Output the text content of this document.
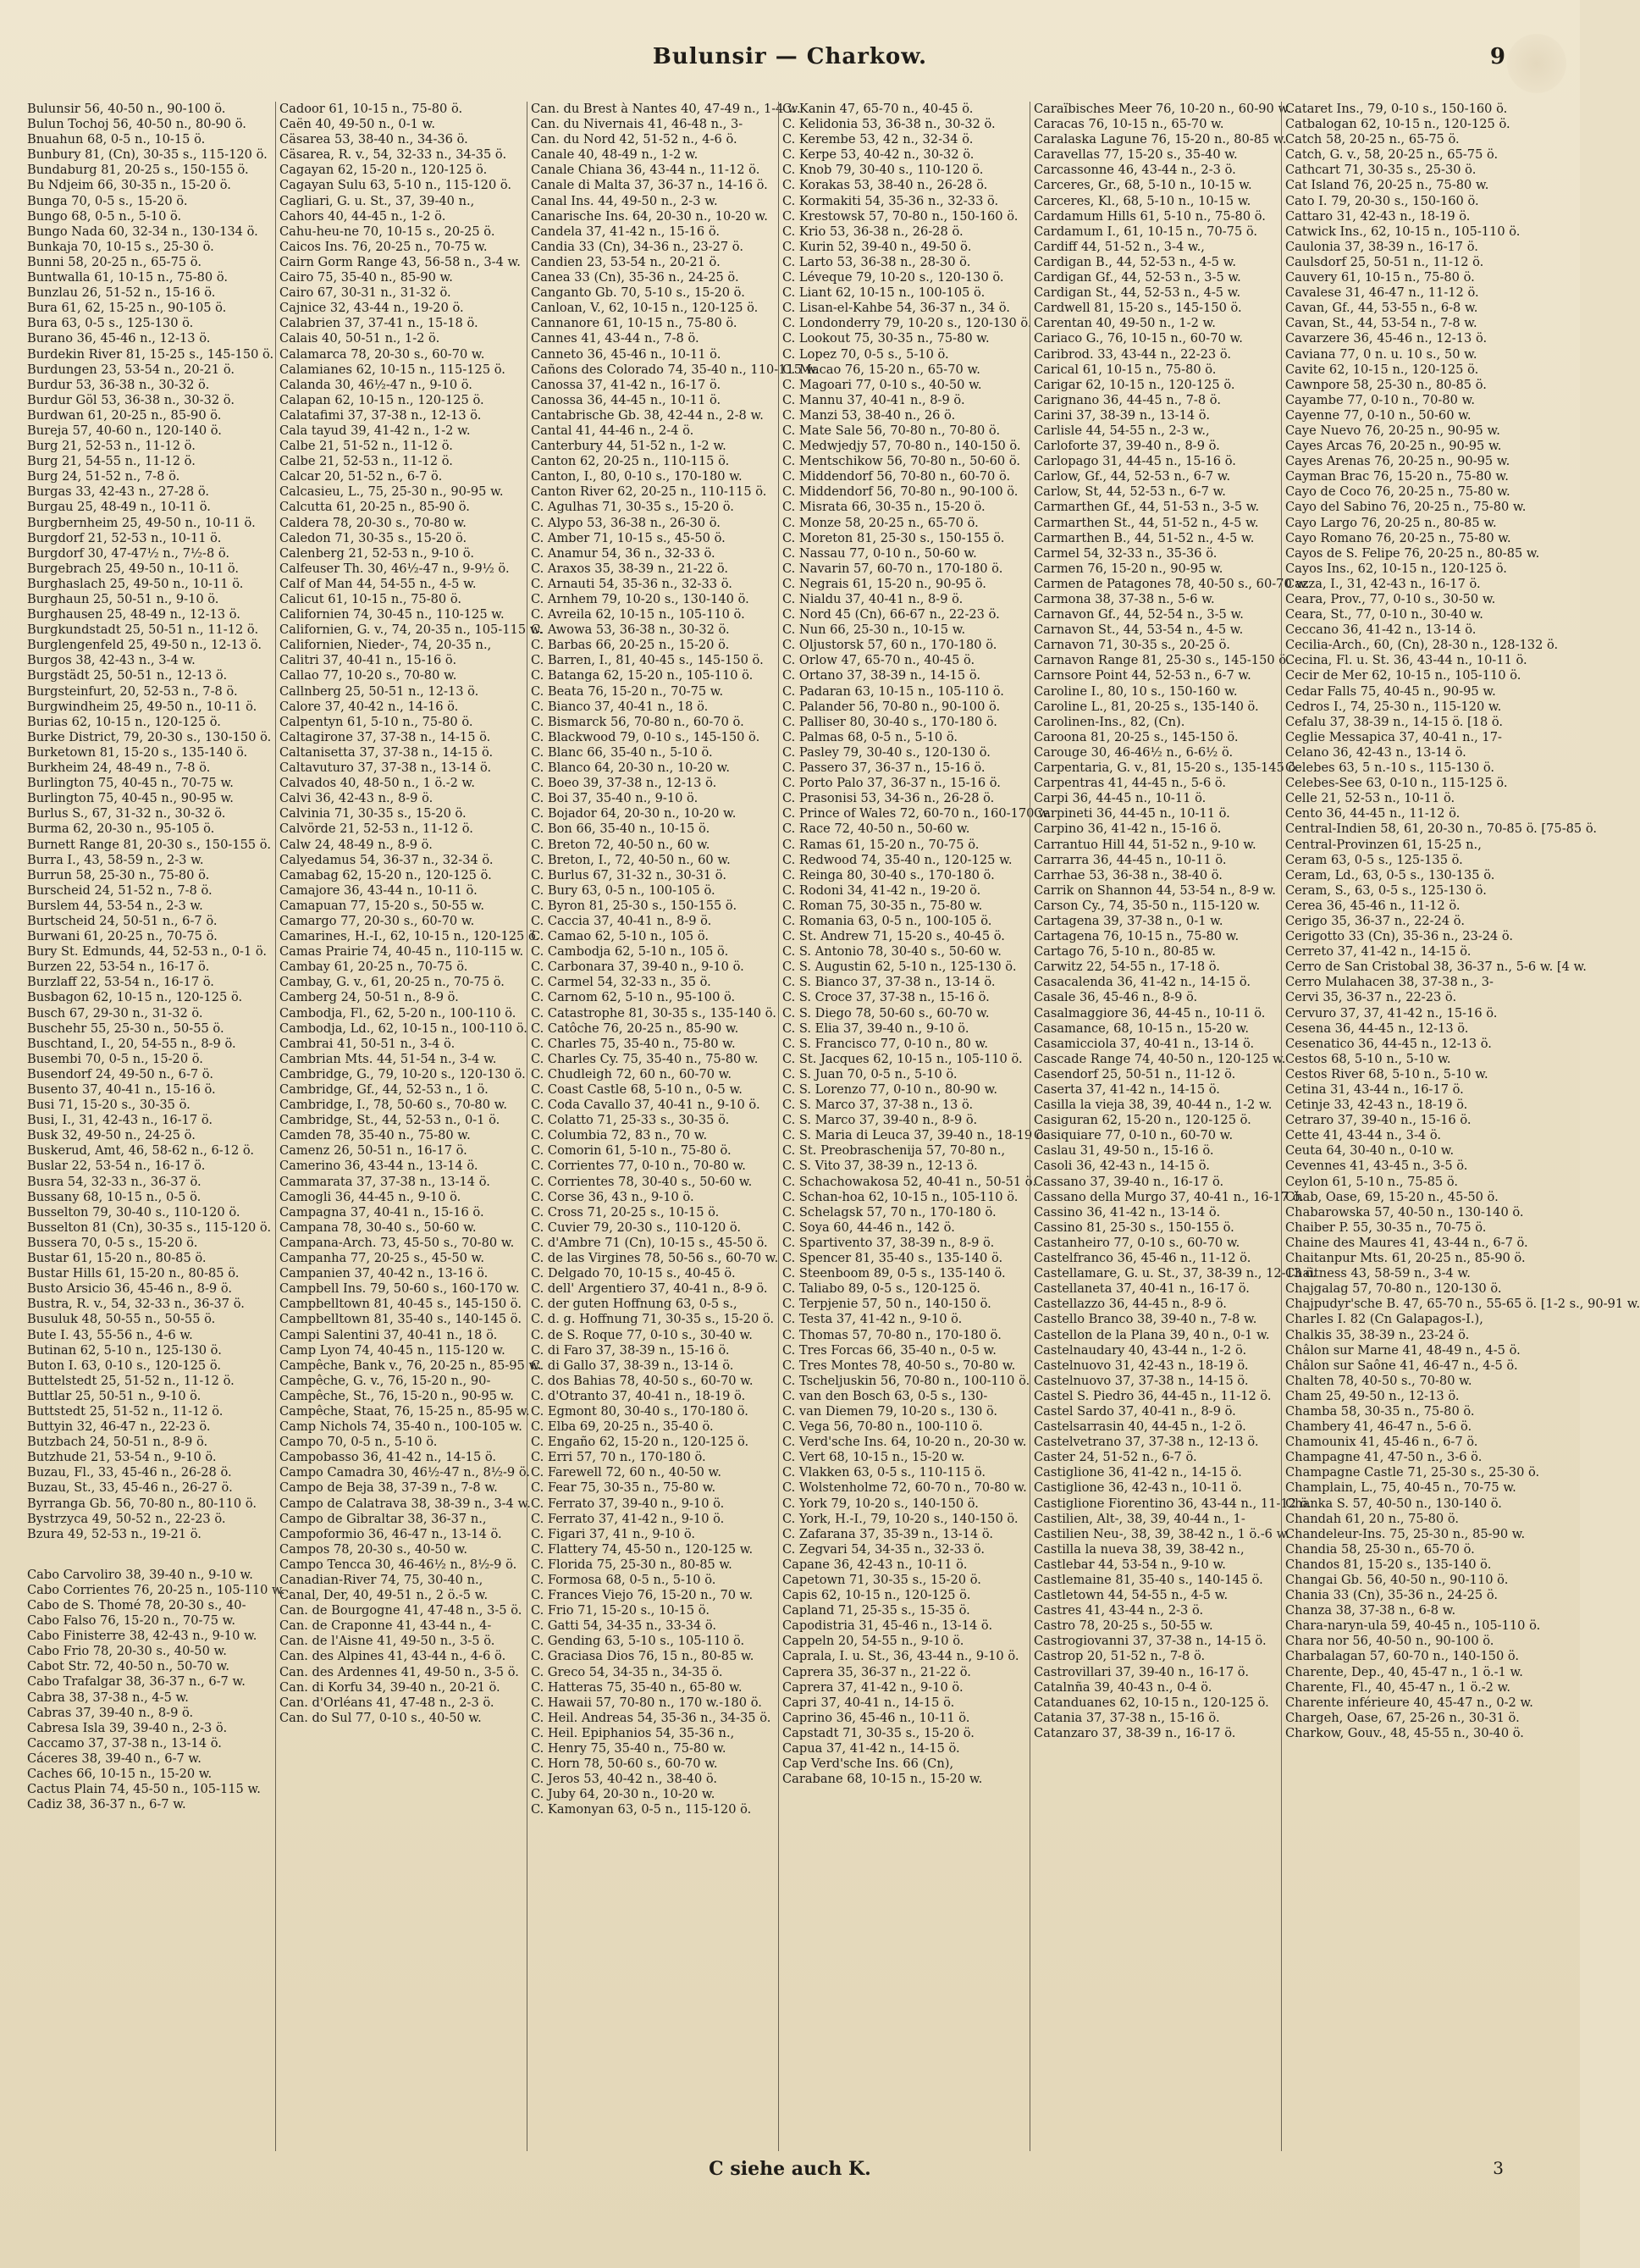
Bulunsir — Charkow.	9
Bulunsir 56, 40-50 n., 90-100 ö.
Bulun Tochoj 56, 40-50 n., 80-90 ö.
Bnuahun 68, 0-5 n., 10-15 ö.
Bunbury 81, (Cn), 30-35 s., 115-120 ö.
Bundaburg 81, 20-25 s., 150-155 ö.
Bu Ndjeim 66, 30-35 n., 15-20 ö.
Bunga 70, 0-5 s., 15-20 ö.
Bungo 68, 0-5 n., 5-10 ö.
Bungo Nada 60, 32-34 n., 130-134 ö.
Bunkaja 70, 10-15 s., 25-30 ö.
Bunni 58, 20-25 n., 65-75 ö.
Buntwalla 61, 10-15 n., 75-80 ö.
Bunzlau 26, 51-52 n., 15-16 ö.
Bura 61, 62, 15-25 n., 90-105 ö.
Bura 63, 0-5 s., 125-130 ö.
Burano 36, 45-46 n., 12-13 ö.
Burdekin River 81, 15-25 s., 145-150 ö.
Burdungen 23, 53-54 n., 20-21 ö.
Burdur 53, 36-38 n., 30-32 ö.
Burdur Göl 53, 36-38 n., 30-32 ö.
Burdwan 61, 20-25 n., 85-90 ö.
Bureja 57, 40-60 n., 120-140 ö.
Burg 21, 52-53 n., 11-12 ö.
Burg 21, 54-55 n., 11-12 ö.
Burg 24, 51-52 n., 7-8 ö.
Burgas 33, 42-43 n., 27-28 ö.
Burgau 25, 48-49 n., 10-11 ö.
Burgbernheim 25, 49-50 n., 10-11 ö.
Burgdorf 21, 52-53 n., 10-11 ö.
Burgdorf 30, 47-47½ n., 7½-8 ö.
Burgebrach 25, 49-50 n., 10-11 ö.
Burghaslach 25, 49-50 n., 10-11 ö.
Burghaun 25, 50-51 n., 9-10 ö.
Burghausen 25, 48-49 n., 12-13 ö.
Burgkundstadt 25, 50-51 n., 11-12 ö.
Burglengenfeld 25, 49-50 n., 12-13 ö.
Burgos 38, 42-43 n., 3-4 w.
Burgstädt 25, 50-51 n., 12-13 ö.
Burgsteinfurt, 20, 52-53 n., 7-8 ö.
Burgwindheim 25, 49-50 n., 10-11 ö.
Burias 62, 10-15 n., 120-125 ö.
Burke District, 79, 20-30 s., 130-150 ö.
Burketown 81, 15-20 s., 135-140 ö.
Burkheim 24, 48-49 n., 7-8 ö.
Burlington 75, 40-45 n., 70-75 w.
Burlington 75, 40-45 n., 90-95 w.
Burlus S., 67, 31-32 n., 30-32 ö.
Burma 62, 20-30 n., 95-105 ö.
Burnett Range 81, 20-30 s., 150-155 ö.
Burra I., 43, 58-59 n., 2-3 w.
Burrun 58, 25-30 n., 75-80 ö.
Burscheid 24, 51-52 n., 7-8 ö.
Burslem 44, 53-54 n., 2-3 w.
Burtscheid 24, 50-51 n., 6-7 ö.
Burwani 61, 20-25 n., 70-75 ö.
Bury St. Edmunds, 44, 52-53 n., 0-1 ö.
Burzen 22, 53-54 n., 16-17 ö.
Burzlaff 22, 53-54 n., 16-17 ö.
Busbagon 62, 10-15 n., 120-125 ö.
Busch 67, 29-30 n., 31-32 ö.
Buschehr 55, 25-30 n., 50-55 ö.
Buschtand, I., 20, 54-55 n., 8-9 ö.
Busembi 70, 0-5 n., 15-20 ö.
Busendorf 24, 49-50 n., 6-7 ö.
Busento 37, 40-41 n., 15-16 ö.
Busi 71, 15-20 s., 30-35 ö.
Busi, I., 31, 42-43 n., 16-17 ö.
Busk 32, 49-50 n., 24-25 ö.
Buskerud, Amt, 46, 58-62 n., 6-12 ö.
Buslar 22, 53-54 n., 16-17 ö.
Busra 54, 32-33 n., 36-37 ö.
Bussany 68, 10-15 n., 0-5 ö.
Busselton 79, 30-40 s., 110-120 ö.
Busselton 81 (Cn), 30-35 s., 115-120 ö.
Bussera 70, 0-5 s., 15-20 ö.
Bustar 61, 15-20 n., 80-85 ö.
Bustar Hills 61, 15-20 n., 80-85 ö.
Busto Arsicio 36, 45-46 n., 8-9 ö.
Bustra, R. v., 54, 32-33 n., 36-37 ö.
Busuluk 48, 50-55 n., 50-55 ö.
Bute I. 43, 55-56 n., 4-6 w.
Butinan 62, 5-10 n., 125-130 ö.
Buton I. 63, 0-10 s., 120-125 ö.
Buttelstedt 25, 51-52 n., 11-12 ö.
Buttlar 25, 50-51 n., 9-10 ö.
Buttstedt 25, 51-52 n., 11-12 ö.
Buttyin 32, 46-47 n., 22-23 ö.
Butzbach 24, 50-51 n., 8-9 ö.
Butzhude 21, 53-54 n., 9-10 ö.
Buzau, Fl., 33, 45-46 n., 26-28 ö.
Buzau, St., 33, 45-46 n., 26-27 ö.
Byrranga Gb. 56, 70-80 n., 80-110 ö.
Bystrzyca 49, 50-52 n., 22-23 ö.
Bzura 49, 52-53 n., 19-21 ö.
Cabo Carvoliro 38, 39-40 n., 9-10 w.
Cabo Corrientes 76, 20-25 n., 105-110 w.
Cabo de S. Thomé 78, 20-30 s., 40-
Cabo Falso 76, 15-20 n., 70-75 w.
Cabo Finisterre 38, 42-43 n., 9-10 w.
Cabo Frio 78, 20-30 s., 40-50 w.
Cabot Str. 72, 40-50 n., 50-70 w.
Cabo Trafalgar 38, 36-37 n., 6-7 w.
Cabra 38, 37-38 n., 4-5 w.
Cabras 37, 39-40 n., 8-9 ö.
Cabresa Isla 39, 39-40 n., 2-3 ö.
Caccamo 37, 37-38 n., 13-14 ö.
Cáceres 38, 39-40 n., 6-7 w.
Caches 66, 10-15 n., 15-20 w.
Cactus Plain 74, 45-50 n., 105-115 w.
Cadiz 38, 36-37 n., 6-7 w.
Cadoor 61, 10-15 n., 75-80 ö.
Caën 40, 49-50 n., 0-1 w.
Cäsarea 53, 38-40 n., 34-36 ö.
Cäsarea, R. v., 54, 32-33 n., 34-35 ö.
Cagayan 62, 15-20 n., 120-125 ö.
Cagayan Sulu 63, 5-10 n., 115-120 ö.
Cagliari, G. u. St., 37, 39-40 n.,
Cahors 40, 44-45 n., 1-2 ö.
Cahu-heu-ne 70, 10-15 s., 20-25 ö.
Caicos Ins. 76, 20-25 n., 70-75 w.
Cairn Gorm Range 43, 56-58 n., 3-4 w.
Cairo 75, 35-40 n., 85-90 w.
Cairo 67, 30-31 n., 31-32 ö.
Cajnice 32, 43-44 n., 19-20 ö.
Calabrien 37, 37-41 n., 15-18 ö.
Calais 40, 50-51 n., 1-2 ö.
Calamarca 78, 20-30 s., 60-70 w.
Calamianes 62, 10-15 n., 115-125 ö.
Calanda 30, 46½-47 n., 9-10 ö.
Calapan 62, 10-15 n., 120-125 ö.
Calatafimi 37, 37-38 n., 12-13 ö.
Cala tayud 39, 41-42 n., 1-2 w.
Calbe 21, 51-52 n., 11-12 ö.
Calbe 21, 52-53 n., 11-12 ö.
Calcar 20, 51-52 n., 6-7 ö.
Calcasieu, L., 75, 25-30 n., 90-95 w.
Calcutta 61, 20-25 n., 85-90 ö.
Caldera 78, 20-30 s., 70-80 w.
Caledon 71, 30-35 s., 15-20 ö.
Calenberg 21, 52-53 n., 9-10 ö.
Calfeuser Th. 30, 46½-47 n., 9-9½ ö.
Calf of Man 44, 54-55 n., 4-5 w.
Calicut 61, 10-15 n., 75-80 ö.
Californien 74, 30-45 n., 110-125 w.
Californien, G. v., 74, 20-35 n., 105-115 w.
Californien, Nieder-, 74, 20-35 n.,
Calitri 37, 40-41 n., 15-16 ö.
Callao 77, 10-20 s., 70-80 w.
Callnberg 25, 50-51 n., 12-13 ö.
Calore 37, 40-42 n., 14-16 ö.
Calpentyn 61, 5-10 n., 75-80 ö.
Caltagirone 37, 37-38 n., 14-15 ö.
Caltanisetta 37, 37-38 n., 14-15 ö.
Caltavuturo 37, 37-38 n., 13-14 ö.
Calvados 40, 48-50 n., 1 ö.-2 w.
Calvi 36, 42-43 n., 8-9 ö.
Calvinia 71, 30-35 s., 15-20 ö.
Calvörde 21, 52-53 n., 11-12 ö.
Calw 24, 48-49 n., 8-9 ö.
Calyedamus 54, 36-37 n., 32-34 ö.
Camabag 62, 15-20 n., 120-125 ö.
Camajore 36, 43-44 n., 10-11 ö.
Camapuan 77, 15-20 s., 50-55 w.
Camargo 77, 20-30 s., 60-70 w.
Camarines, H.-I., 62, 10-15 n., 120-125 ö.
Camas Prairie 74, 40-45 n., 110-115 w.
Cambay 61, 20-25 n., 70-75 ö.
Cambay, G. v., 61, 20-25 n., 70-75 ö.
Camberg 24, 50-51 n., 8-9 ö.
Cambodja, Fl., 62, 5-20 n., 100-110 ö.
Cambodja, Ld., 62, 10-15 n., 100-110 ö.
Cambrai 41, 50-51 n., 3-4 ö.
Cambrian Mts. 44, 51-54 n., 3-4 w.
Cambridge, G., 79, 10-20 s., 120-130 ö.
Cambridge, Gf., 44, 52-53 n., 1 ö.
Cambridge, I., 78, 50-60 s., 70-80 w.
Cambridge, St., 44, 52-53 n., 0-1 ö.
Camden 78, 35-40 n., 75-80 w.
Camenz 26, 50-51 n., 16-17 ö.
Camerino 36, 43-44 n., 13-14 ö.
Cammarata 37, 37-38 n., 13-14 ö.
Camogli 36, 44-45 n., 9-10 ö.
Campagna 37, 40-41 n., 15-16 ö.
Campana 78, 30-40 s., 50-60 w.
Campana-Arch. 73, 45-50 s., 70-80 w.
Campanha 77, 20-25 s., 45-50 w.
Campanien 37, 40-42 n., 13-16 ö.
Campbell Ins. 79, 50-60 s., 160-170 w.
Campbelltown 81, 40-45 s., 145-150 ö.
Campbelltown 81, 35-40 s., 140-145 ö.
Campi Salentini 37, 40-41 n., 18 ö.
Camp Lyon 74, 40-45 n., 115-120 w.
Campêche, Bank v., 76, 20-25 n., 85-95 w.
Campêche, G. v., 76, 15-20 n., 90-
Campêche, St., 76, 15-20 n., 90-95 w.
Campêche, Staat, 76, 15-25 n., 85-95 w.
Camp Nichols 74, 35-40 n., 100-105 w.
Campo 70, 0-5 n., 5-10 ö.
Campobasso 36, 41-42 n., 14-15 ö.
Campo Camadra 30, 46½-47 n., 8½-9 ö.
Campo de Beja 38, 37-39 n., 7-8 w.
Campo de Calatrava 38, 38-39 n., 3-4 w.
Campo de Gibraltar 38, 36-37 n.,
Campoformio 36, 46-47 n., 13-14 ö.
Campos 78, 20-30 s., 40-50 w.
Campo Tencca 30, 46-46½ n., 8½-9 ö.
Canadian-River 74, 75, 30-40 n.,
Canal, Der, 40, 49-51 n., 2 ö.-5 w.
Can. de Bourgogne 41, 47-48 n., 3-5 ö.
Can. de Craponne 41, 43-44 n., 4-
Can. de l'Aisne 41, 49-50 n., 3-5 ö.
Can. des Alpines 41, 43-44 n., 4-6 ö.
Can. des Ardennes 41, 49-50 n., 3-5 ö.
Can. di Korfu 34, 39-40 n., 20-21 ö.
Can. d'Orléans 41, 47-48 n., 2-3 ö.
Can. do Sul 77, 0-10 s., 40-50 w.
Can. du Brest à Nantes 40, 47-49 n., 1-4 w.
Can. du Nivernais 41, 46-48 n., 3-
Can. du Nord 42, 51-52 n., 4-6 ö.
Canale 40, 48-49 n., 1-2 w.
Canale Chiana 36, 43-44 n., 11-12 ö.
Canale di Malta 37, 36-37 n., 14-16 ö.
Canal Ins. 44, 49-50 n., 2-3 w.
Canarische Ins. 64, 20-30 n., 10-20 w.
Candela 37, 41-42 n., 15-16 ö.
Candia 33 (Cn), 34-36 n., 23-27 ö.
Candien 23, 53-54 n., 20-21 ö.
Canea 33 (Cn), 35-36 n., 24-25 ö.
Canganto Gb. 70, 5-10 s., 15-20 ö.
Canloan, V., 62, 10-15 n., 120-125 ö.
Cannanore 61, 10-15 n., 75-80 ö.
Cannes 41, 43-44 n., 7-8 ö.
Canneto 36, 45-46 n., 10-11 ö.
Cañons des Colorado 74, 35-40 n., 110-115 w.
Canossa 37, 41-42 n., 16-17 ö.
Canossa 36, 44-45 n., 10-11 ö.
Cantabrische Gb. 38, 42-44 n., 2-8 w.
Cantal 41, 44-46 n., 2-4 ö.
Canterbury 44, 51-52 n., 1-2 w.
Canton 62, 20-25 n., 110-115 ö.
Canton, I., 80, 0-10 s., 170-180 w.
Canton River 62, 20-25 n., 110-115 ö.
C. Agulhas 71, 30-35 s., 15-20 ö.
C. Alypo 53, 36-38 n., 26-30 ö.
C. Amber 71, 10-15 s., 45-50 ö.
C. Anamur 54, 36 n., 32-33 ö.
C. Araxos 35, 38-39 n., 21-22 ö.
C. Arnauti 54, 35-36 n., 32-33 ö.
C. Arnhem 79, 10-20 s., 130-140 ö.
C. Avreila 62, 10-15 n., 105-110 ö.
C. Awowa 53, 36-38 n., 30-32 ö.
C. Barbas 66, 20-25 n., 15-20 ö.
C. Barren, I., 81, 40-45 s., 145-150 ö.
C. Batanga 62, 15-20 n., 105-110 ö.
C. Beata 76, 15-20 n., 70-75 w.
C. Bianco 37, 40-41 n., 18 ö.
C. Bismarck 56, 70-80 n., 60-70 ö.
C. Blackwood 79, 0-10 s., 145-150 ö.
C. Blanc 66, 35-40 n., 5-10 ö.
C. Blanco 64, 20-30 n., 10-20 w.
C. Boeo 39, 37-38 n., 12-13 ö.
C. Boi 37, 35-40 n., 9-10 ö.
C. Bojador 64, 20-30 n., 10-20 w.
C. Bon 66, 35-40 n., 10-15 ö.
C. Breton 72, 40-50 n., 60 w.
C. Breton, I., 72, 40-50 n., 60 w.
C. Burlus 67, 31-32 n., 30-31 ö.
C. Bury 63, 0-5 n., 100-105 ö.
C. Byron 81, 25-30 s., 150-155 ö.
C. Caccia 37, 40-41 n., 8-9 ö.
C. Camao 62, 5-10 n., 105 ö.
C. Cambodja 62, 5-10 n., 105 ö.
C. Carbonara 37, 39-40 n., 9-10 ö.
C. Carmel 54, 32-33 n., 35 ö.
C. Carnom 62, 5-10 n., 95-100 ö.
C. Catastrophe 81, 30-35 s., 135-140 ö.
C. Catôche 76, 20-25 n., 85-90 w.
C. Charles 75, 35-40 n., 75-80 w.
C. Charles Cy. 75, 35-40 n., 75-80 w.
C. Chudleigh 72, 60 n., 60-70 w.
C. Coast Castle 68, 5-10 n., 0-5 w.
C. Coda Cavallo 37, 40-41 n., 9-10 ö.
C. Colatto 71, 25-33 s., 30-35 ö.
C. Columbia 72, 83 n., 70 w.
C. Comorin 61, 5-10 n., 75-80 ö.
C. Corrientes 77, 0-10 n., 70-80 w.
C. Corrientes 78, 30-40 s., 50-60 w.
C. Corse 36, 43 n., 9-10 ö.
C. Cross 71, 20-25 s., 10-15 ö.
C. Cuvier 79, 20-30 s., 110-120 ö.
C. d'Ambre 71 (Cn), 10-15 s., 45-50 ö.
C. de las Virgines 78, 50-56 s., 60-70 w.
C. Delgado 70, 10-15 s., 40-45 ö.
C. dell' Argentiero 37, 40-41 n., 8-9 ö.
C. der guten Hoffnung 63, 0-5 s.,
C. d. g. Hoffnung 71, 30-35 s., 15-20 ö.
C. de S. Roque 77, 0-10 s., 30-40 w.
C. di Faro 37, 38-39 n., 15-16 ö.
C. di Gallo 37, 38-39 n., 13-14 ö.
C. dos Bahias 78, 40-50 s., 60-70 w.
C. d'Otranto 37, 40-41 n., 18-19 ö.
C. Egmont 80, 30-40 s., 170-180 ö.
C. Elba 69, 20-25 n., 35-40 ö.
C. Engaño 62, 15-20 n., 120-125 ö.
C. Erri 57, 70 n., 170-180 ö.
C. Farewell 72, 60 n., 40-50 w.
C. Fear 75, 30-35 n., 75-80 w.
C. Ferrato 37, 39-40 n., 9-10 ö.
C. Ferrato 37, 41-42 n., 9-10 ö.
C. Figari 37, 41 n., 9-10 ö.
C. Flattery 74, 45-50 n., 120-125 w.
C. Florida 75, 25-30 n., 80-85 w.
C. Formosa 68, 0-5 n., 5-10 ö.
C. Frances Viejo 76, 15-20 n., 70 w.
C. Frio 71, 15-20 s., 10-15 ö.
C. Gatti 54, 34-35 n., 33-34 ö.
C. Gending 63, 5-10 s., 105-110 ö.
C. Graciasa Dios 76, 15 n., 80-85 w.
C. Greco 54, 34-35 n., 34-35 ö.
C. Hatteras 75, 35-40 n., 65-80 w.
C. Hawaii 57, 70-80 n., 170 w.-180 ö.
C. Heil. Andreas 54, 35-36 n., 34-35 ö.
C. Heil. Epiphanios 54, 35-36 n.,
C. Henry 75, 35-40 n., 75-80 w.
C. Horn 78, 50-60 s., 60-70 w.
C. Jeros 53, 40-42 n., 38-40 ö.
C. Juby 64, 20-30 n., 10-20 w.
C. Kamonyan 63, 0-5 n., 115-120 ö.
C. Kanin 47, 65-70 n., 40-45 ö.
C. Kelidonia 53, 36-38 n., 30-32 ö.
C. Kerembe 53, 42 n., 32-34 ö.
C. Kerpe 53, 40-42 n., 30-32 ö.
C. Knob 79, 30-40 s., 110-120 ö.
C. Korakas 53, 38-40 n., 26-28 ö.
C. Kormakiti 54, 35-36 n., 32-33 ö.
C. Krestowsk 57, 70-80 n., 150-160 ö.
C. Krio 53, 36-38 n., 26-28 ö.
C. Kurin 52, 39-40 n., 49-50 ö.
C. Larto 53, 36-38 n., 28-30 ö.
C. Léveque 79, 10-20 s., 120-130 ö.
C. Liant 62, 10-15 n., 100-105 ö.
C. Lisan-el-Kahbe 54, 36-37 n., 34 ö.
C. Londonderry 79, 10-20 s., 120-130 ö.
C. Lookout 75, 30-35 n., 75-80 w.
C. Lopez 70, 0-5 s., 5-10 ö.
C. Macao 76, 15-20 n., 65-70 w.
C. Magoari 77, 0-10 s., 40-50 w.
C. Mannu 37, 40-41 n., 8-9 ö.
C. Manzi 53, 38-40 n., 26 ö.
C. Mate Sale 56, 70-80 n., 70-80 ö.
C. Medwjedjy 57, 70-80 n., 140-150 ö.
C. Mentschikow 56, 70-80 n., 50-60 ö.
C. Middendorf 56, 70-80 n., 60-70 ö.
C. Middendorf 56, 70-80 n., 90-100 ö.
C. Misrata 66, 30-35 n., 15-20 ö.
C. Monze 58, 20-25 n., 65-70 ö.
C. Moreton 81, 25-30 s., 150-155 ö.
C. Nassau 77, 0-10 n., 50-60 w.
C. Navarin 57, 60-70 n., 170-180 ö.
C. Negrais 61, 15-20 n., 90-95 ö.
C. Nialdu 37, 40-41 n., 8-9 ö.
C. Nord 45 (Cn), 66-67 n., 22-23 ö.
C. Nun 66, 25-30 n., 10-15 w.
C. Oljustorsk 57, 60 n., 170-180 ö.
C. Orlow 47, 65-70 n., 40-45 ö.
C. Ortano 37, 38-39 n., 14-15 ö.
C. Padaran 63, 10-15 n., 105-110 ö.
C. Palander 56, 70-80 n., 90-100 ö.
C. Palliser 80, 30-40 s., 170-180 ö.
C. Palmas 68, 0-5 n., 5-10 ö.
C. Pasley 79, 30-40 s., 120-130 ö.
C. Passero 37, 36-37 n., 15-16 ö.
C. Porto Palo 37, 36-37 n., 15-16 ö.
C. Prasonisi 53, 34-36 n., 26-28 ö.
C. Prince of Wales 72, 60-70 n., 160-170 w.
C. Race 72, 40-50 n., 50-60 w.
C. Ramas 61, 15-20 n., 70-75 ö.
C. Redwood 74, 35-40 n., 120-125 w.
C. Reinga 80, 30-40 s., 170-180 ö.
C. Rodoni 34, 41-42 n., 19-20 ö.
C. Roman 75, 30-35 n., 75-80 w.
C. Romania 63, 0-5 n., 100-105 ö.
C. St. Andrew 71, 15-20 s., 40-45 ö.
C. S. Antonio 78, 30-40 s., 50-60 w.
C. S. Augustin 62, 5-10 n., 125-130 ö.
C. S. Bianco 37, 37-38 n., 13-14 ö.
C. S. Croce 37, 37-38 n., 15-16 ö.
C. S. Diego 78, 50-60 s., 60-70 w.
C. S. Elia 37, 39-40 n., 9-10 ö.
C. S. Francisco 77, 0-10 n., 80 w.
C. St. Jacques 62, 10-15 n., 105-110 ö.
C. S. Juan 70, 0-5 n., 5-10 ö.
C. S. Lorenzo 77, 0-10 n., 80-90 w.
C. S. Marco 37, 37-38 n., 13 ö.
C. S. Marco 37, 39-40 n., 8-9 ö.
C. S. Maria di Leuca 37, 39-40 n., 18-19 ö.
C. St. Preobraschenija 57, 70-80 n.,
C. S. Vito 37, 38-39 n., 12-13 ö.
C. Schachowakosa 52, 40-41 n., 50-51 ö.
C. Schan-hoa 62, 10-15 n., 105-110 ö.
C. Schelagsk 57, 70 n., 170-180 ö.
C. Soya 60, 44-46 n., 142 ö.
C. Spartivento 37, 38-39 n., 8-9 ö.
C. Spencer 81, 35-40 s., 135-140 ö.
C. Steenboom 89, 0-5 s., 135-140 ö.
C. Taliabo 89, 0-5 s., 120-125 ö.
C. Terpjenie 57, 50 n., 140-150 ö.
C. Testa 37, 41-42 n., 9-10 ö.
C. Thomas 57, 70-80 n., 170-180 ö.
C. Tres Forcas 66, 35-40 n., 0-5 w.
C. Tres Montes 78, 40-50 s., 70-80 w.
C. Tscheljuskin 56, 70-80 n., 100-110 ö.
C. van den Bosch 63, 0-5 s., 130-
C. van Diemen 79, 10-20 s., 130 ö.
C. Vega 56, 70-80 n., 100-110 ö.
C. Verd'sche Ins. 64, 10-20 n., 20-30 w.
C. Vert 68, 10-15 n., 15-20 w.
C. Vlakken 63, 0-5 s., 110-115 ö.
C. Wolstenholme 72, 60-70 n., 70-80 w.
C. York 79, 10-20 s., 140-150 ö.
C. York, H.-I., 79, 10-20 s., 140-150 ö.
C. Zafarana 37, 35-39 n., 13-14 ö.
C. Zegvari 54, 34-35 n., 32-33 ö.
Capane 36, 42-43 n., 10-11 ö.
Capetown 71, 30-35 s., 15-20 ö.
Capis 62, 10-15 n., 120-125 ö.
Capland 71, 25-35 s., 15-35 ö.
Capodistria 31, 45-46 n., 13-14 ö.
Cappeln 20, 54-55 n., 9-10 ö.
Caprala, I. u. St., 36, 43-44 n., 9-10 ö.
Caprera 35, 36-37 n., 21-22 ö.
Caprera 37, 41-42 n., 9-10 ö.
Capri 37, 40-41 n., 14-15 ö.
Caprino 36, 45-46 n., 10-11 ö.
Capstadt 71, 30-35 s., 15-20 ö.
Capua 37, 41-42 n., 14-15 ö.
Cap Verd'sche Ins. 66 (Cn),
Carabane 68, 10-15 n., 15-20 w.
Caraïbisches Meer 76, 10-20 n., 60-90 w.
Caracas 76, 10-15 n., 65-70 w.
Caralaska Lagune 76, 15-20 n., 80-85 w.
Caravellas 77, 15-20 s., 35-40 w.
Carcassonne 46, 43-44 n., 2-3 ö.
Carceres, Gr., 68, 5-10 n., 10-15 w.
Carceres, Kl., 68, 5-10 n., 10-15 w.
Cardamum Hills 61, 5-10 n., 75-80 ö.
Cardamum I., 61, 10-15 n., 70-75 ö.
Cardiff 44, 51-52 n., 3-4 w.,
Cardigan B., 44, 52-53 n., 4-5 w.
Cardigan Gf., 44, 52-53 n., 3-5 w.
Cardigan St., 44, 52-53 n., 4-5 w.
Cardwell 81, 15-20 s., 145-150 ö.
Carentan 40, 49-50 n., 1-2 w.
Cariaco G., 76, 10-15 n., 60-70 w.
Caribrod. 33, 43-44 n., 22-23 ö.
Carical 61, 10-15 n., 75-80 ö.
Carigar 62, 10-15 n., 120-125 ö.
Carignano 36, 44-45 n., 7-8 ö.
Carini 37, 38-39 n., 13-14 ö.
Carlisle 44, 54-55 n., 2-3 w.,
Carloforte 37, 39-40 n., 8-9 ö.
Carlopago 31, 44-45 n., 15-16 ö.
Carlow, Gf., 44, 52-53 n., 6-7 w.
Carlow, St, 44, 52-53 n., 6-7 w.
Carmarthen Gf., 44, 51-53 n., 3-5 w.
Carmarthen St., 44, 51-52 n., 4-5 w.
Carmarthen B., 44, 51-52 n., 4-5 w.
Carmel 54, 32-33 n., 35-36 ö.
Carmen 76, 15-20 n., 90-95 w.
Carmen de Patagones 78, 40-50 s., 60-70 w.
Carmona 38, 37-38 n., 5-6 w.
Carnavon Gf., 44, 52-54 n., 3-5 w.
Carnavon St., 44, 53-54 n., 4-5 w.
Carnavon 71, 30-35 s., 20-25 ö.
Carnavon Range 81, 25-30 s., 145-150 ö.
Carnsore Point 44, 52-53 n., 6-7 w.
Caroline I., 80, 10 s., 150-160 w.
Caroline L., 81, 20-25 s., 135-140 ö.
Carolinen-Ins., 82, (Cn).
Caroona 81, 20-25 s., 145-150 ö.
Carouge 30, 46-46½ n., 6-6½ ö.
Carpentaria, G. v., 81, 15-20 s., 135-145 ö.
Carpentras 41, 44-45 n., 5-6 ö.
Carpi 36, 44-45 n., 10-11 ö.
Carpineti 36, 44-45 n., 10-11 ö.
Carpino 36, 41-42 n., 15-16 ö.
Carrantuo Hill 44, 51-52 n., 9-10 w.
Carrarra 36, 44-45 n., 10-11 ö.
Carrhae 53, 36-38 n., 38-40 ö.
Carrik on Shannon 44, 53-54 n., 8-9 w.
Carson Cy., 74, 35-50 n., 115-120 w.
Cartagena 39, 37-38 n., 0-1 w.
Cartagena 76, 10-15 n., 75-80 w.
Cartago 76, 5-10 n., 80-85 w.
Carwitz 22, 54-55 n., 17-18 ö.
Casacalenda 36, 41-42 n., 14-15 ö.
Casale 36, 45-46 n., 8-9 ö.
Casalmaggiore 36, 44-45 n., 10-11 ö.
Casamance, 68, 10-15 n., 15-20 w.
Casamicciola 37, 40-41 n., 13-14 ö.
Cascade Range 74, 40-50 n., 120-125 w.
Casendorf 25, 50-51 n., 11-12 ö.
Caserta 37, 41-42 n., 14-15 ö.
Casilla la vieja 38, 39, 40-44 n., 1-2 w.
Casiguran 62, 15-20 n., 120-125 ö.
Casiquiare 77, 0-10 n., 60-70 w.
Caslau 31, 49-50 n., 15-16 ö.
Casoli 36, 42-43 n., 14-15 ö.
Cassano 37, 39-40 n., 16-17 ö.
Cassano della Murgo 37, 40-41 n., 16-17 ö.
Cassino 36, 41-42 n., 13-14 ö.
Cassino 81, 25-30 s., 150-155 ö.
Castanheiro 77, 0-10 s., 60-70 w.
Castelfranco 36, 45-46 n., 11-12 ö.
Castellamare, G. u. St., 37, 38-39 n., 12-13 ö.
Castellaneta 37, 40-41 n., 16-17 ö.
Castellazzo 36, 44-45 n., 8-9 ö.
Castello Branco 38, 39-40 n., 7-8 w.
Castellon de la Plana 39, 40 n., 0-1 w.
Castelnaudary 40, 43-44 n., 1-2 ö.
Castelnuovo 31, 42-43 n., 18-19 ö.
Castelnuovo 37, 37-38 n., 14-15 ö.
Castel S. Piedro 36, 44-45 n., 11-12 ö.
Castel Sardo 37, 40-41 n., 8-9 ö.
Castelsarrasin 40, 44-45 n., 1-2 ö.
Castelvetrano 37, 37-38 n., 12-13 ö.
Caster 24, 51-52 n., 6-7 ö.
Castiglione 36, 41-42 n., 14-15 ö.
Castiglione 36, 42-43 n., 10-11 ö.
Castiglione Fiorentino 36, 43-44 n., 11-12 ö.
Castilien, Alt-, 38, 39, 40-44 n., 1-
Castilien Neu-, 38, 39, 38-42 n., 1 ö.-6 w.
Castilla la nueva 38, 39, 38-42 n.,
Castlebar 44, 53-54 n., 9-10 w.
Castlemaine 81, 35-40 s., 140-145 ö.
Castletown 44, 54-55 n., 4-5 w.
Castres 41, 43-44 n., 2-3 ö.
Castro 78, 20-25 s., 50-55 w.
Castrogiovanni 37, 37-38 n., 14-15 ö.
Castrop 20, 51-52 n., 7-8 ö.
Castrovillari 37, 39-40 n., 16-17 ö.
Catalnña 39, 40-43 n., 0-4 ö.
Catanduanes 62, 10-15 n., 120-125 ö.
Catania 37, 37-38 n., 15-16 ö.
Catanzaro 37, 38-39 n., 16-17 ö.
Cataret Ins., 79, 0-10 s., 150-160 ö.
Catbalogan 62, 10-15 n., 120-125 ö.
Catch 58, 20-25 n., 65-75 ö.
Catch, G. v., 58, 20-25 n., 65-75 ö.
Cathcart 71, 30-35 s., 25-30 ö.
Cat Island 76, 20-25 n., 75-80 w.
Cato I. 79, 20-30 s., 150-160 ö.
Cattaro 31, 42-43 n., 18-19 ö.
Catwick Ins., 62, 10-15 n., 105-110 ö.
Caulonia 37, 38-39 n., 16-17 ö.
Caulsdorf 25, 50-51 n., 11-12 ö.
Cauvery 61, 10-15 n., 75-80 ö.
Cavalese 31, 46-47 n., 11-12 ö.
Cavan, Gf., 44, 53-55 n., 6-8 w.
Cavan, St., 44, 53-54 n., 7-8 w.
Cavarzere 36, 45-46 n., 12-13 ö.
Caviana 77, 0 n. u. 10 s., 50 w.
Cavite 62, 10-15 n., 120-125 ö.
Cawnpore 58, 25-30 n., 80-85 ö.
Cayambe 77, 0-10 n., 70-80 w.
Cayenne 77, 0-10 n., 50-60 w.
Caye Nuevo 76, 20-25 n., 90-95 w.
Cayes Arcas 76, 20-25 n., 90-95 w.
Cayes Arenas 76, 20-25 n., 90-95 w.
Cayman Brac 76, 15-20 n., 75-80 w.
Cayo de Coco 76, 20-25 n., 75-80 w.
Cayo del Sabino 76, 20-25 n., 75-80 w.
Cayo Largo 76, 20-25 n., 80-85 w.
Cayo Romano 76, 20-25 n., 75-80 w.
Cayos de S. Felipe 76, 20-25 n., 80-85 w.
Cayos Ins., 62, 10-15 n., 120-125 ö.
Cazza, I., 31, 42-43 n., 16-17 ö.
Ceara, Prov., 77, 0-10 s., 30-50 w.
Ceara, St., 77, 0-10 n., 30-40 w.
Ceccano 36, 41-42 n., 13-14 ö.
Cecilia-Arch., 60, (Cn), 28-30 n., 128-132 ö.
Cecina, Fl. u. St. 36, 43-44 n., 10-11 ö.
Cecir de Mer 62, 10-15 n., 105-110 ö.
Cedar Falls 75, 40-45 n., 90-95 w.
Cedros I., 74, 25-30 n., 115-120 w.
Cefalu 37, 38-39 n., 14-15 ö. [18 ö.
Ceglie Messapica 37, 40-41 n., 17-
Celano 36, 42-43 n., 13-14 ö.
Celebes 63, 5 n.-10 s., 115-130 ö.
Celebes-See 63, 0-10 n., 115-125 ö.
Celle 21, 52-53 n., 10-11 ö.
Cento 36, 44-45 n., 11-12 ö.
Central-Indien 58, 61, 20-30 n., 70-85 ö. [75-85 ö.
Central-Provinzen 61, 15-25 n.,
Ceram 63, 0-5 s., 125-135 ö.
Ceram, Ld., 63, 0-5 s., 130-135 ö.
Ceram, S., 63, 0-5 s., 125-130 ö.
Cerea 36, 45-46 n., 11-12 ö.
Cerigo 35, 36-37 n., 22-24 ö.
Cerigotto 33 (Cn), 35-36 n., 23-24 ö.
Cerreto 37, 41-42 n., 14-15 ö.
Cerro de San Cristobal 38, 36-37 n., 5-6 w. [4 w.
Cerro Mulahacen 38, 37-38 n., 3-
Cervi 35, 36-37 n., 22-23 ö.
Cervuro 37, 37, 41-42 n., 15-16 ö.
Cesena 36, 44-45 n., 12-13 ö.
Cesenatico 36, 44-45 n., 12-13 ö.
Cestos 68, 5-10 n., 5-10 w.
Cestos River 68, 5-10 n., 5-10 w.
Cetina 31, 43-44 n., 16-17 ö.
Cetinje 33, 42-43 n., 18-19 ö.
Cetraro 37, 39-40 n., 15-16 ö.
Cette 41, 43-44 n., 3-4 ö.
Ceuta 64, 30-40 n., 0-10 w.
Cevennes 41, 43-45 n., 3-5 ö.
Ceylon 61, 5-10 n., 75-85 ö.
Chab, Oase, 69, 15-20 n., 45-50 ö.
Chabarowska 57, 40-50 n., 130-140 ö.
Chaiber P. 55, 30-35 n., 70-75 ö.
Chaine des Maures 41, 43-44 n., 6-7 ö.
Chaitanpur Mts. 61, 20-25 n., 85-90 ö.
Chaitness 43, 58-59 n., 3-4 w.
Chajgalag 57, 70-80 n., 120-130 ö.
Chajpudyr'sche B. 47, 65-70 n., 55-65 ö. [1-2 s., 90-91 w.
Charles I. 82 (Cn Galapagos-I.),
Chalkis 35, 38-39 n., 23-24 ö.
Châlon sur Marne 41, 48-49 n., 4-5 ö.
Châlon sur Saône 41, 46-47 n., 4-5 ö.
Chalten 78, 40-50 s., 70-80 w.
Cham 25, 49-50 n., 12-13 ö.
Chamba 58, 30-35 n., 75-80 ö.
Chambery 41, 46-47 n., 5-6 ö.
Chamounix 41, 45-46 n., 6-7 ö.
Champagne 41, 47-50 n., 3-6 ö.
Champagne Castle 71, 25-30 s., 25-30 ö.
Champlain, L., 75, 40-45 n., 70-75 w.
Chanka S. 57, 40-50 n., 130-140 ö.
Chandah 61, 20 n., 75-80 ö.
Chandeleur-Ins. 75, 25-30 n., 85-90 w.
Chandia 58, 25-30 n., 65-70 ö.
Chandos 81, 15-20 s., 135-140 ö.
Changai Gb. 56, 40-50 n., 90-110 ö.
Chania 33 (Cn), 35-36 n., 24-25 ö.
Chanza 38, 37-38 n., 6-8 w.
Chara-naryn-ula 59, 40-45 n., 105-110 ö.
Chara nor 56, 40-50 n., 90-100 ö.
Charbalagan 57, 60-70 n., 140-150 ö.
Charente, Dep., 40, 45-47 n., 1 ö.-1 w.
Charente, Fl., 40, 45-47 n., 1 ö.-2 w.
Charente inférieure 40, 45-47 n., 0-2 w.
Chargeh, Oase, 67, 25-26 n., 30-31 ö.
Charkow, Gouv., 48, 45-55 n., 30-40 ö.
C siehe auch K.	3
